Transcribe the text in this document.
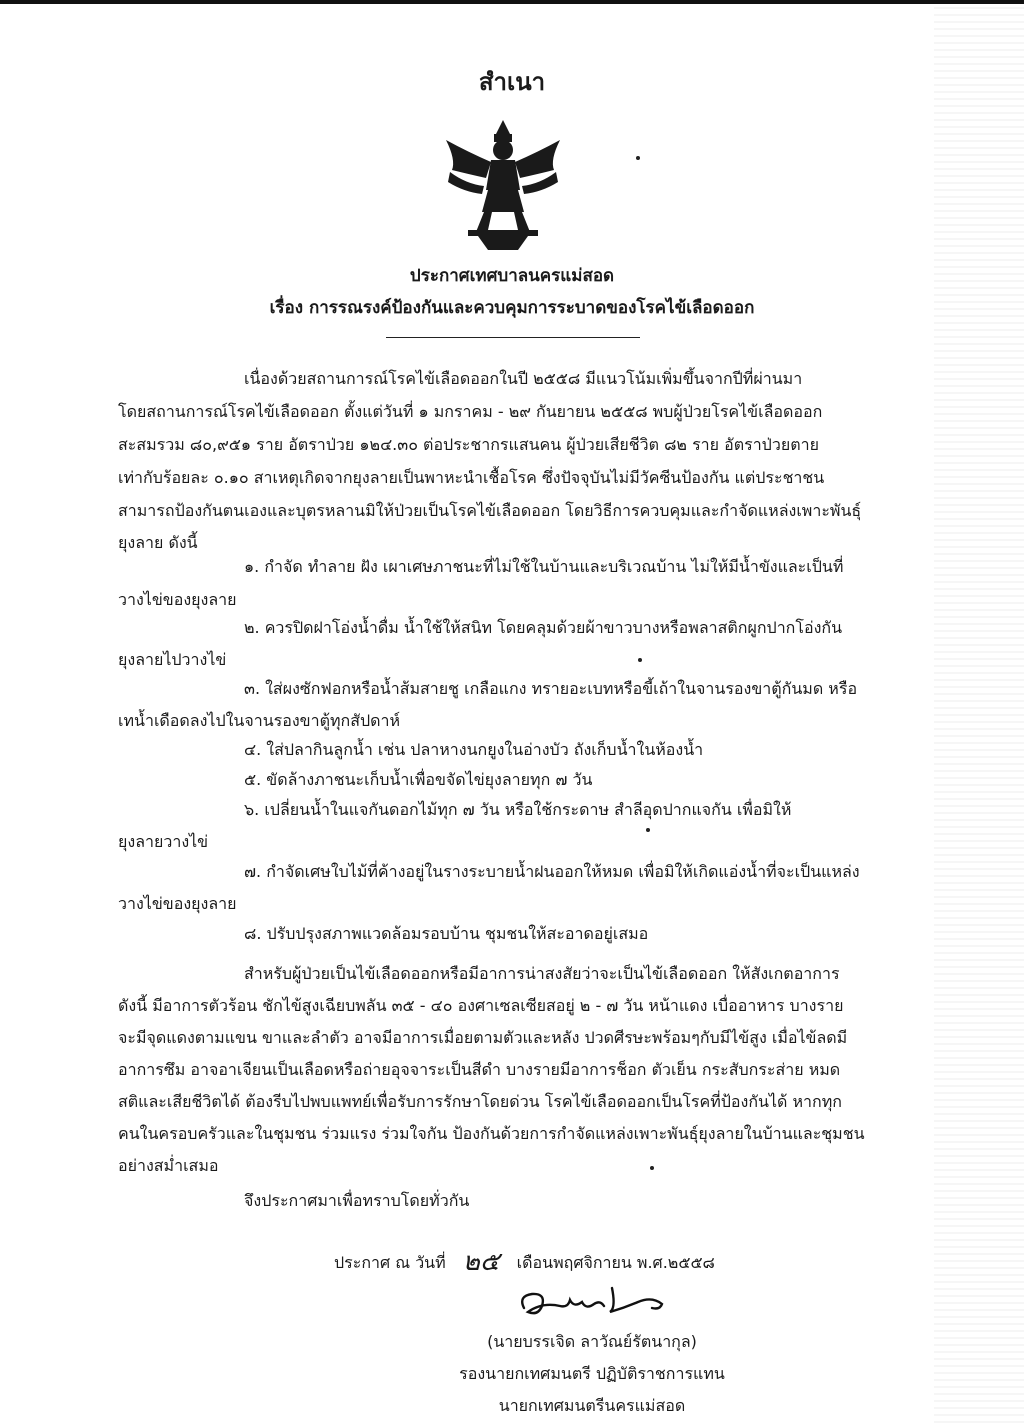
สำเนา
ประกาศเทศบาลนครแม่สอด
เรื่อง การรณรงค์ป้องกันและควบคุมการระบาดของโรคไข้เลือดออก
เนื่องด้วยสถานการณ์โรคไข้เลือดออกในปี ๒๕๕๘ มีแนวโน้มเพิ่มขึ้นจากปีที่ผ่านมา
โดยสถานการณ์โรคไข้เลือดออก ตั้งแต่วันที่ ๑ มกราคม - ๒๙ กันยายน ๒๕๕๘ พบผู้ป่วยโรคไข้เลือดออก
สะสมรวม ๘๐,๙๕๑ ราย อัตราป่วย ๑๒๔.๓๐ ต่อประชากรแสนคน ผู้ป่วยเสียชีวิต ๘๒ ราย อัตราป่วยตาย
เท่ากับร้อยละ ๐.๑๐ สาเหตุเกิดจากยุงลายเป็นพาหะนำเชื้อโรค ซึ่งปัจจุบันไม่มีวัคซีนป้องกัน แต่ประชาชน
สามารถป้องกันตนเองและบุตรหลานมิให้ป่วยเป็นโรคไข้เลือดออก โดยวิธีการควบคุมและกำจัดแหล่งเพาะพันธุ์
ยุงลาย ดังนี้
๑. กำจัด ทำลาย ฝัง เผาเศษภาชนะที่ไม่ใช้ในบ้านและบริเวณบ้าน ไม่ให้มีน้ำขังและเป็นที่
วางไข่ของยุงลาย
๒. ควรปิดฝาโอ่งน้ำดื่ม น้ำใช้ให้สนิท โดยคลุมด้วยผ้าขาวบางหรือพลาสติกผูกปากโอ่งกัน
ยุงลายไปวางไข่
๓. ใส่ผงซักฟอกหรือน้ำส้มสายชู เกลือแกง ทรายอะเบทหรือขี้เถ้าในจานรองขาตู้กันมด หรือ
เทน้ำเดือดลงไปในจานรองขาตู้ทุกสัปดาห์
๔. ใส่ปลากินลูกน้ำ เช่น ปลาหางนกยูงในอ่างบัว ถังเก็บน้ำในห้องน้ำ
๕. ขัดล้างภาชนะเก็บน้ำเพื่อขจัดไข่ยุงลายทุก ๗ วัน
๖. เปลี่ยนน้ำในแจกันดอกไม้ทุก ๗ วัน หรือใช้กระดาษ สำลีอุดปากแจกัน เพื่อมิให้
ยุงลายวางไข่
๗. กำจัดเศษใบไม้ที่ค้างอยู่ในรางระบายน้ำฝนออกให้หมด เพื่อมิให้เกิดแอ่งน้ำที่จะเป็นแหล่ง
วางไข่ของยุงลาย
๘. ปรับปรุงสภาพแวดล้อมรอบบ้าน ชุมชนให้สะอาดอยู่เสมอ
สำหรับผู้ป่วยเป็นไข้เลือดออกหรือมีอาการน่าสงสัยว่าจะเป็นไข้เลือดออก ให้สังเกตอาการ
ดังนี้ มีอาการตัวร้อน ชักไข้สูงเฉียบพลัน ๓๕ - ๔๐ องศาเซลเซียสอยู่ ๒ - ๗ วัน หน้าแดง เบื่ออาหาร บางราย
จะมีจุดแดงตามแขน ขาและลำตัว อาจมีอาการเมื่อยตามตัวและหลัง ปวดศีรษะพร้อมๆกับมีไข้สูง เมื่อไข้ลดมี
อาการซึม อาจอาเจียนเป็นเลือดหรือถ่ายอุจจาระเป็นสีดำ บางรายมีอาการช็อก ตัวเย็น กระสับกระส่าย หมด
สติและเสียชีวิตได้ ต้องรีบไปพบแพทย์เพื่อรับการรักษาโดยด่วน โรคไข้เลือดออกเป็นโรคที่ป้องกันได้ หากทุก
คนในครอบครัวและในชุมชน ร่วมแรง ร่วมใจกัน ป้องกันด้วยการกำจัดแหล่งเพาะพันธุ์ยุงลายในบ้านและชุมชน
อย่างสม่ำเสมอ
จึงประกาศมาเพื่อทราบโดยทั่วกัน
ประกาศ ณ วันที่ ๒๕ เดือนพฤศจิกายน พ.ศ.๒๕๕๘
(นายบรรเจิด ลาวัณย์รัตนากุล)
รองนายกเทศมนตรี ปฏิบัติราชการแทน
นายกเทศมนตรีนครแม่สอด
